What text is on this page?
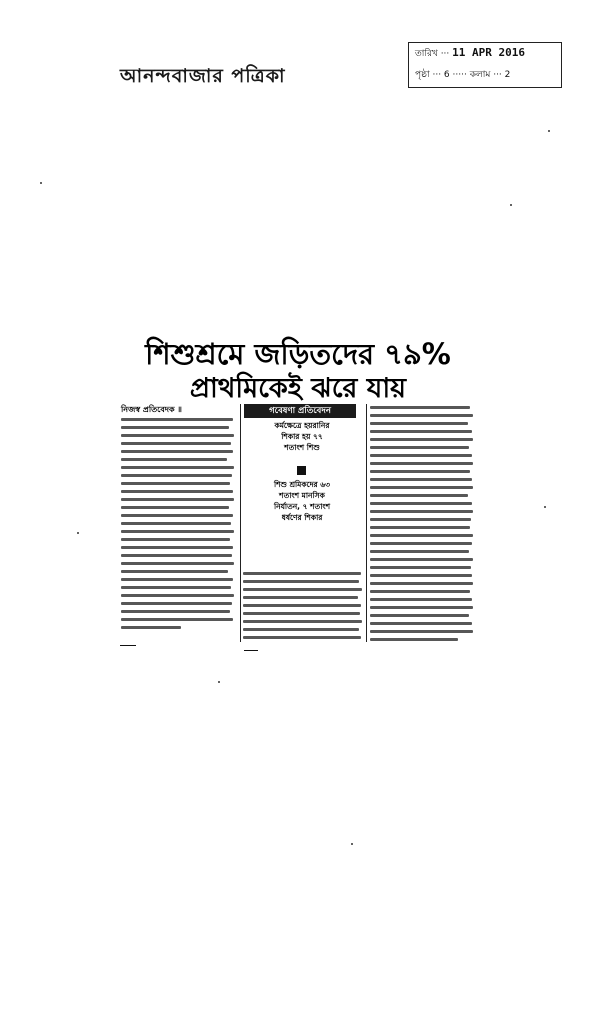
আনন্দবাজার পত্রিকা
তারিখ ··· 11 APR 2016
পৃষ্ঠা ··· 6 ····· কলাম ··· 2
শিশুশ্রমে জড়িতদের ৭৯%
প্রাথমিকেই ঝরে যায়
নিজস্ব প্রতিবেদক ॥	গবেষণা প্রতিবেদন
কর্মক্ষেত্রে হয়রানির
শিকার হয় ৭৭
শতাংশ শিশু
শিশু শ্রমিকদের ৬৩
শতাংশ মানসিক
নির্যাতন, ৭ শতাংশ
ধর্ষণের শিকার
